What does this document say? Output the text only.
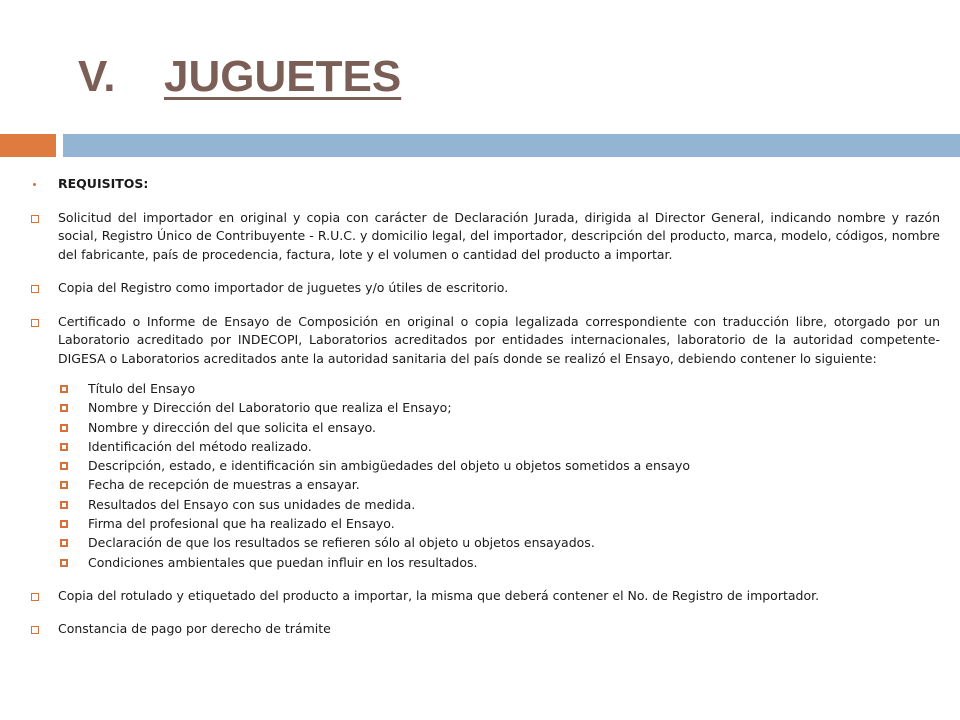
V. JUGUETES
REQUISITOS:
Solicitud del importador en original y copia con carácter de Declaración Jurada, dirigida al Director General, indicando nombre y razón social, Registro Único de Contribuyente - R.U.C. y domicilio legal, del importador, descripción del producto, marca, modelo, códigos, nombre del fabricante, país de procedencia, factura, lote y el volumen o cantidad del producto a importar.
Copia del Registro como importador de juguetes y/o útiles de escritorio.
Certificado o Informe de Ensayo de Composición en original o copia legalizada correspondiente con traducción libre, otorgado por un Laboratorio acreditado por INDECOPI, Laboratorios acreditados por entidades internacionales, laboratorio de la autoridad competente-DIGESA o Laboratorios acreditados ante la autoridad sanitaria del país donde se realizó el Ensayo, debiendo contener lo siguiente:
Título del Ensayo
Nombre y Dirección del Laboratorio que realiza el Ensayo;
Nombre y dirección del que solicita el ensayo.
Identificación del método realizado.
Descripción, estado, e identificación sin ambigüedades del objeto u objetos sometidos a ensayo
Fecha de recepción de muestras a ensayar.
Resultados del Ensayo con sus unidades de medida.
Firma del profesional que ha realizado el Ensayo.
Declaración de que los resultados se refieren sólo al objeto u objetos ensayados.
Condiciones ambientales que puedan influir en los resultados.
Copia del rotulado y etiquetado del producto a importar, la misma que deberá contener el No. de Registro de importador.
Constancia de pago por derecho de trámite
